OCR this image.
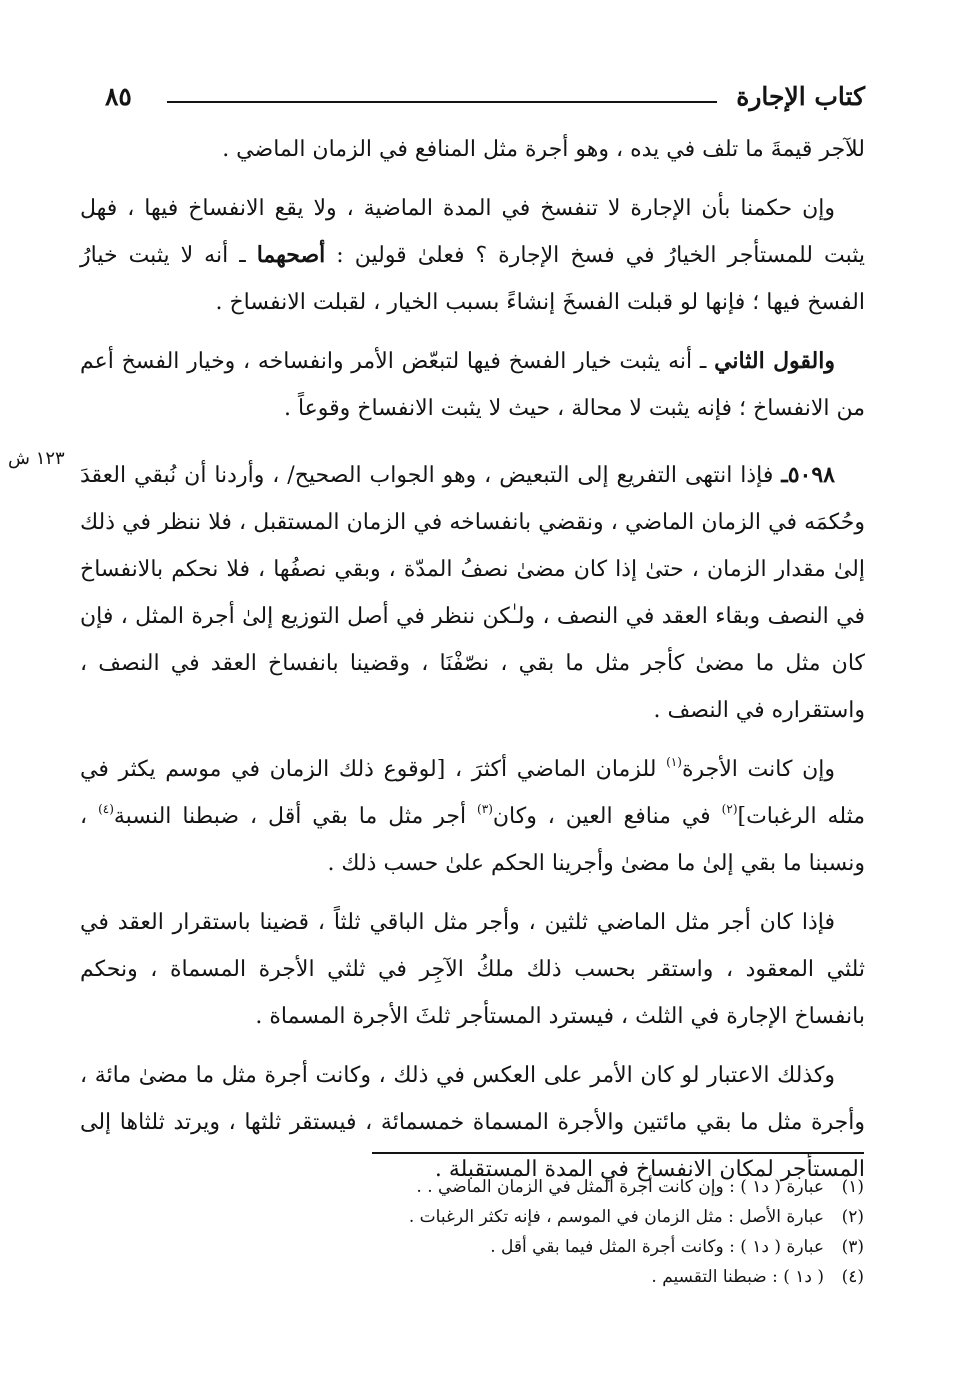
كتاب الإجارة
٨٥
١٢٣ ش

للآجر قيمةَ ما تلف في يده ، وهو أجرة مثل المنافع في الزمان الماضي .

وإن حكمنا بأن الإجارة لا تنفسخ في المدة الماضية ، ولا يقع الانفساخ فيها ، فهل يثبت للمستأجر الخيارُ في فسخ الإجارة ؟ فعلىٰ قولين : أصحهما ـ أنه لا يثبت خيارُ الفسخ فيها ؛ فإنها لو قبلت الفسخَ إنشاءً بسبب الخيار ، لقبلت الانفساخ .

والقول الثاني ـ أنه يثبت خيار الفسخ فيها لتبعّض الأمر وانفساخه ، وخيار الفسخ أعم من الانفساخ ؛ فإنه يثبت لا محالة ، حيث لا يثبت الانفساخ وقوعاً .

٥٠٩٨ـ فإذا انتهى التفريع إلى التبعيض ، وهو الجواب الصحيح/ ، وأردنا أن نُبقي العقدَ وحُكمَه في الزمان الماضي ، ونقضي بانفساخه في الزمان المستقبل ، فلا ننظر في ذلك إلىٰ مقدار الزمان ، حتىٰ إذا كان مضىٰ نصفُ المدّة ، وبقي نصفُها ، فلا نحكم بالانفساخ في النصف وبقاء العقد في النصف ، ولـٰكن ننظر في أصل التوزيع إلىٰ أجرة المثل ، فإن كان مثل ما مضىٰ كأجر مثل ما بقي ، نصّفْنَا ، وقضينا بانفساخ العقد في النصف ، واستقراره في النصف .

وإن كانت الأجرة$^{(١)}$ للزمان الماضي أكثرَ ، [لوقوع ذلك الزمان في موسم يكثر في مثله الرغبات]$^{(٢)}$ في منافع العين ، وكان$^{(٣)}$ أجر مثل ما بقي أقل ، ضبطنا النسبة$^{(٤)}$ ، ونسبنا ما بقي إلىٰ ما مضىٰ وأجرينا الحكم علىٰ حسب ذلك .

فإذا كان أجر مثل الماضي ثلثين ، وأجر مثل الباقي ثلثاً ، قضينا باستقرار العقد في ثلثي المعقود ، واستقر بحسب ذلك ملكُ الآجِر في ثلثي الأجرة المسماة ، ونحكم بانفساخ الإجارة في الثلث ، فيسترد المستأجر ثلثَ الأجرة المسماة .

وكذلك الاعتبار لو كان الأمر على العكس في ذلك ، وكانت أجرة مثل ما مضىٰ مائة ، وأجرة مثل ما بقي مائتين والأجرة المسماة خمسمائة ، فيستقر ثلثها ، ويرتد ثلثاها إلى المستأجر لمكان الانفساخ في المدة المستقبلة .

(١)عبارة ( د١ ) : وإن كانت أجرة المثل في الزمان الماضي . .
(٢)عبارة الأصل : مثل الزمان في الموسم ، فإنه تكثر الرغبات .
(٣)عبارة ( د١ ) : وكانت أجرة المثل فيما بقي أقل .
(٤)( د١ ) : ضبطنا التقسيم .
